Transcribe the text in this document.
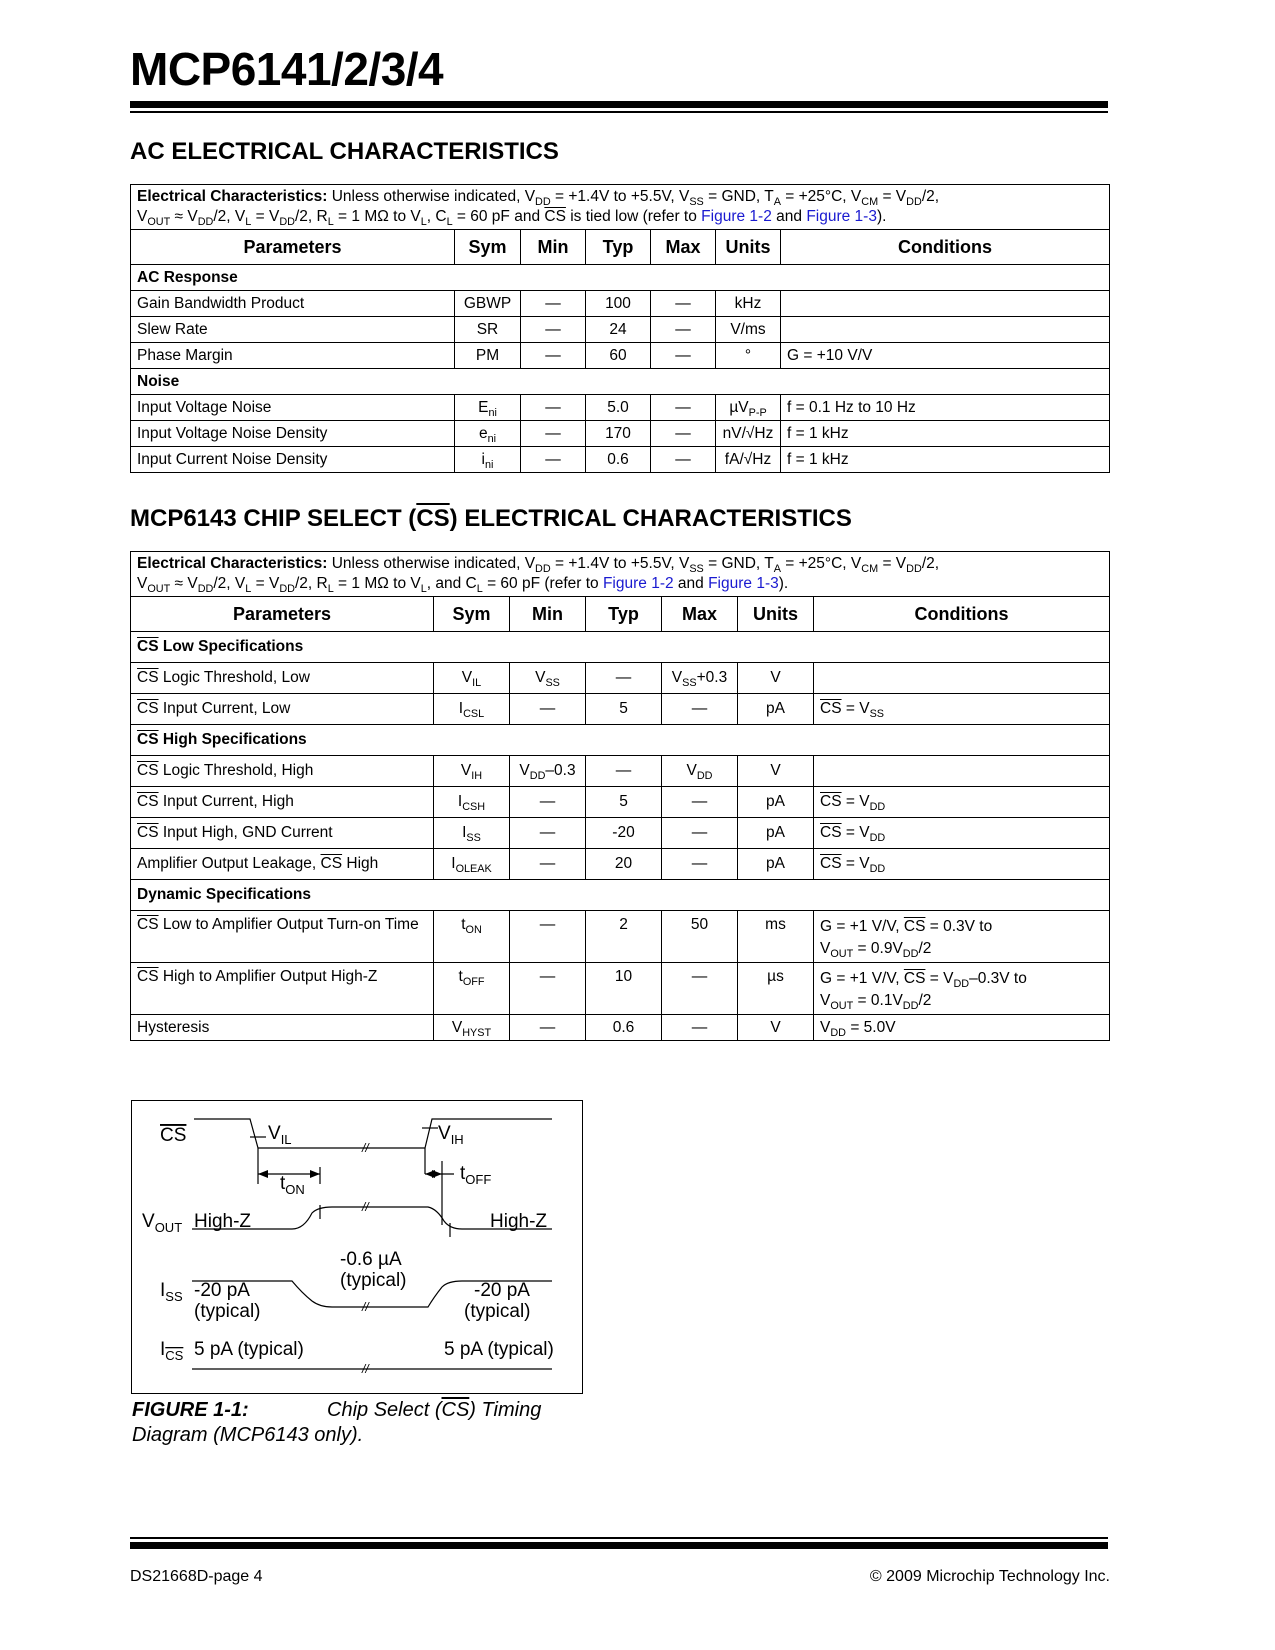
MCP6141/2/3/4
AC ELECTRICAL CHARACTERISTICS
Electrical Characteristics: Unless otherwise indicated, $V_{DD} = +1.4V$ to +5.5V, $V_{SS}$ = GND, $T_A = +25^\circ C$, $V_{CM} = V_{DD}/2$,
$V_{OUT} \approx V_{DD}/2$, $V_L = V_{DD}/2$, $R_L = 1$ MΩ to $V_L$, $C_L = 60$ pF and $\overline{CS}$ is tied low (refer to Figure 1-2 and Figure 1-3).						
Parameters	Sym	Min	Typ	Max	Units	Conditions
AC Response						
Gain Bandwidth Product	GBWP	—	100	—	kHz	
Slew Rate	SR	—	24	—	V/ms	
Phase Margin	PM	—	60	—	°	G = +10 V/V
Noise						
Input Voltage Noise	$E_{ni}$	—	5.0	—	µV$_{P-P}$	f = 0.1 Hz to 10 Hz
Input Voltage Noise Density	$e_{ni}$	—	170	—	nV/√Hz	f = 1 kHz
Input Current Noise Density	$i_{ni}$	—	0.6	—	fA/√Hz	f = 1 kHz
MCP6143 CHIP SELECT (CS) ELECTRICAL CHARACTERISTICS
Electrical Characteristics: Unless otherwise indicated, $V_{DD} = +1.4V$ to +5.5V, $V_{SS}$ = GND, $T_A = +25^\circ C$, $V_{CM} = V_{DD}/2$,
$V_{OUT} \approx V_{DD}/2$, $V_L = V_{DD}/2$, $R_L = 1$ MΩ to $V_L$, and $C_L = 60$ pF (refer to Figure 1-2 and Figure 1-3).						
Parameters	Sym	Min	Typ	Max	Units	Conditions
$\overline{CS}$ Low Specifications						
$\overline{CS}$ Logic Threshold, Low	$V_{IL}$	$V_{SS}$	—	$V_{SS}+0.3$	V	
$\overline{CS}$ Input Current, Low	$I_{CSL}$	—	5	—	pA	$\overline{CS} = V_{SS}$
$\overline{CS}$ High Specifications						
$\overline{CS}$ Logic Threshold, High	$V_{IH}$	$V_{DD}-0.3$	—	$V_{DD}$	V	
$\overline{CS}$ Input Current, High	$I_{CSH}$	—	5	—	pA	$\overline{CS} = V_{DD}$
$\overline{CS}$ Input High, GND Current	$I_{SS}$	—	-20	—	pA	$\overline{CS} = V_{DD}$
Amplifier Output Leakage, $\overline{CS}$ High	$I_{OLEAK}$	—	20	—	pA	$\overline{CS} = V_{DD}$
Dynamic Specifications						
$\overline{CS}$ Low to Amplifier Output Turn-on Time	$t_{ON}$	—	2	50	ms	G = +1 V/V, $\overline{CS} = 0.3V$ to
$V_{OUT} = 0.9V_{DD}/2$
$\overline{CS}$ High to Amplifier Output High-Z	$t_{OFF}$	—	10	—	µs	G = +1 V/V, $\overline{CS} = V_{DD}-0.3V$ to
$V_{OUT} = 0.1V_{DD}/2$
Hysteresis	$V_{HYST}$	—	0.6	—	V	$V_{DD} = 5.0V$
//
//
//
//
CS	$V_{IL}$	$V_{IH}$
$t_{ON}$
$t_{OFF}$
$V_{OUT}$ High-Z	High-Z
-0.6 µA
(typical)
$I_{SS}$ -20 pA
(typical)
-20 pA
(typical)
$I_{CS}$ 5 pA (typical)	5 pA (typical)
FIGURE 1-1:	Chip Select $(\overline{CS})$ Timing
Diagram (MCP6143 only).
DS21668D-page 4	© 2009 Microchip Technology Inc.
